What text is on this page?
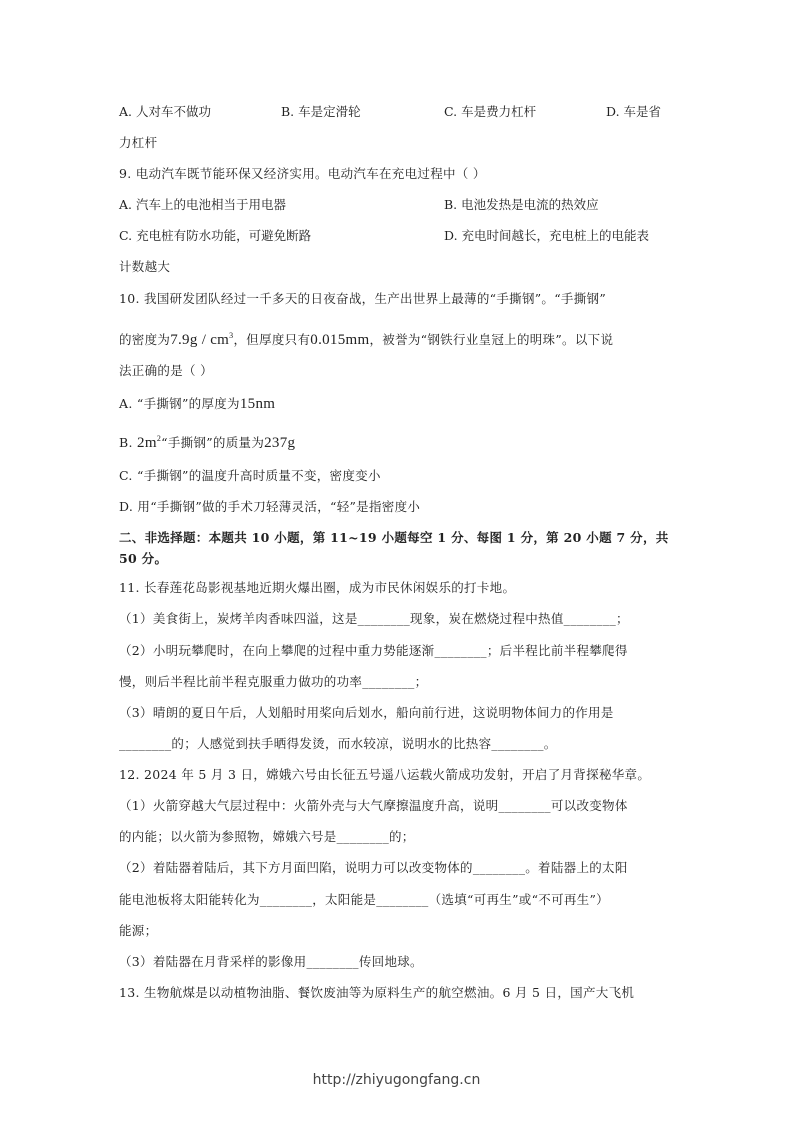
A. 人对车不做功	B. 车是定滑轮	C. 车是费力杠杆	D. 车是省
力杠杆
9. 电动汽车既节能环保又经济实用。电动汽车在充电过程中（ ）
A. 汽车上的电池相当于用电器	B. 电池发热是电流的热效应
C. 充电桩有防水功能，可避免断路	D. 充电时间越长，充电桩上的电能表
计数越大
10. 我国研发团队经过一千多天的日夜奋战，生产出世界上最薄的“手撕钢”。“手撕钢”
的密度为$7.9g / cm^3$，但厚度只有0.015mm，被誉为“钢铁行业皇冠上的明珠”。以下说
法正确的是（ ）
A. “手撕钢”的厚度为15nm
B. $2m^2“$手撕钢”的质量为237g
C. “手撕钢”的温度升高时质量不变，密度变小
D. 用“手撕钢”做的手术刀轻薄灵活，“轻”是指密度小
二、非选择题：本题共 10 小题，第 11~19 小题每空 1 分、每图 1 分，第 20 小题 7 分，共
50 分。
11. 长春莲花岛影视基地近期火爆出圈，成为市民休闲娱乐的打卡地。
（1）美食街上，炭烤羊肉香味四溢，这是________现象，炭在燃烧过程中热值________；
（2）小明玩攀爬时，在向上攀爬的过程中重力势能逐渐________；后半程比前半程攀爬得
慢，则后半程比前半程克服重力做功的功率________；
（3）晴朗的夏日午后，人划船时用桨向后划水，船向前行进，这说明物体间力的作用是
________的；人感觉到扶手晒得发烫，而水较凉，说明水的比热容________。
12. 2024 年 5 月 3 日，嫦娥六号由长征五号遥八运载火箭成功发射，开启了月背探秘华章。
（1）火箭穿越大气层过程中：火箭外壳与大气摩擦温度升高，说明________可以改变物体
的内能；以火箭为参照物，嫦娥六号是________的；
（2）着陆器着陆后，其下方月面凹陷，说明力可以改变物体的________。着陆器上的太阳
能电池板将太阳能转化为________，太阳能是________（选填“可再生”或“不可再生”）
能源；
（3）着陆器在月背采样的影像用________传回地球。
13. 生物航煤是以动植物油脂、餐饮废油等为原料生产的航空燃油。6 月 5 日，国产大飞机
http://zhiyugongfang.cn
